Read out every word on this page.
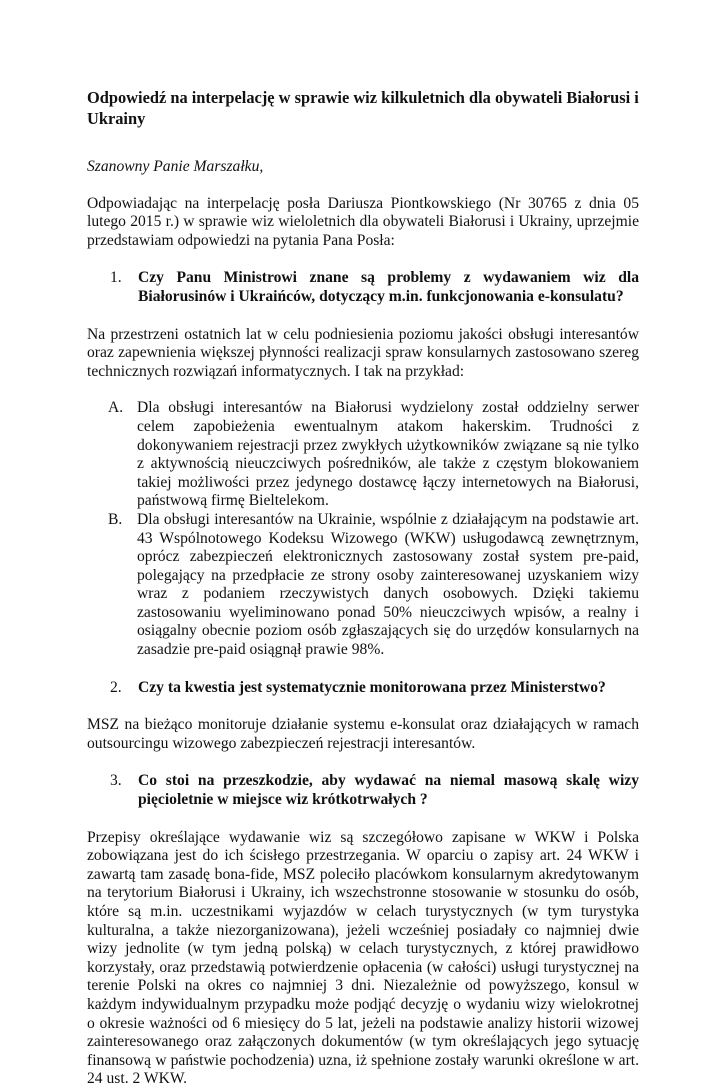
Odpowiedź na interpelację w sprawie wiz kilkuletnich dla obywateli Białorusi i Ukrainy

Szanowny Panie Marszałku,

Odpowiadając na interpelację posła Dariusza Piontkowskiego (Nr 30765 z dnia 05 lutego 2015 r.) w sprawie wiz wieloletnich dla obywateli Białorusi i Ukrainy, uprzejmie przedstawiam odpowiedzi na pytania Pana Posła:

1.	Czy Panu Ministrowi znane są problemy z wydawaniem wiz dla Białorusinów i Ukraińców, dotyczący m.in. funkcjonowania e-konsulatu?

Na przestrzeni ostatnich lat w celu podniesienia poziomu jakości obsługi interesantów oraz zapewnienia większej płynności realizacji spraw konsularnych zastosowano szereg technicznych rozwiązań informatycznych. I tak na przykład:

A. Dla obsługi interesantów na Białorusi wydzielony został oddzielny serwer celem zapobieżenia ewentualnym atakom hakerskim. Trudności z dokonywaniem rejestracji przez zwykłych użytkowników związane są nie tylko z aktywnością nieuczciwych pośredników, ale także z częstym blokowaniem takiej możliwości przez jedynego dostawcę łączy internetowych na Białorusi, państwową firmę Bieltelekom.
B. Dla obsługi interesantów na Ukrainie, wspólnie z działającym na podstawie art. 43 Wspólnotowego Kodeksu Wizowego (WKW) usługodawcą zewnętrznym, oprócz zabezpieczeń elektronicznych zastosowany został system pre-paid, polegający na przedpłacie ze strony osoby zainteresowanej uzyskaniem wizy wraz z podaniem rzeczywistych danych osobowych. Dzięki takiemu zastosowaniu wyeliminowano ponad 50% nieuczciwych wpisów, a realny i osiągalny obecnie poziom osób zgłaszających się do urzędów konsularnych na zasadzie pre-paid osiągnął prawie 98%.
2.	Czy ta kwestia jest systematycznie monitorowana przez Ministerstwo?

MSZ na bieżąco monitoruje działanie systemu e-konsulat oraz działających w ramach outsourcingu wizowego zabezpieczeń rejestracji interesantów.

3.	Co stoi na przeszkodzie, aby wydawać na niemal masową skalę wizy pięcioletnie w miejsce wiz krótkotrwałych ?

Przepisy określające wydawanie wiz są szczegółowo zapisane w WKW i Polska zobowiązana jest do ich ścisłego przestrzegania. W oparciu o zapisy art. 24 WKW i zawartą tam zasadę bona-fide, MSZ poleciło placówkom konsularnym akredytowanym na terytorium Białorusi i Ukrainy, ich wszechstronne stosowanie w stosunku do osób, które są m.in. uczestnikami wyjazdów w celach turystycznych (w tym turystyka kulturalna, a także niezorganizowana), jeżeli wcześniej posiadały co najmniej dwie wizy jednolite (w tym jedną polską) w celach turystycznych, z której prawidłowo korzystały, oraz przedstawią potwierdzenie opłacenia (w całości) usługi turystycznej na terenie Polski na okres co najmniej 3 dni. Niezależnie od powyższego, konsul w każdym indywidualnym przypadku może podjąć decyzję o wydaniu wizy wielokrotnej o okresie ważności od 6 miesięcy do 5 lat, jeżeli na podstawie analizy historii wizowej zainteresowanego oraz załączonych dokumentów (w tym określających jego sytuację finansową w państwie pochodzenia) uzna, iż spełnione zostały warunki określone w art. 24 ust. 2 WKW.
